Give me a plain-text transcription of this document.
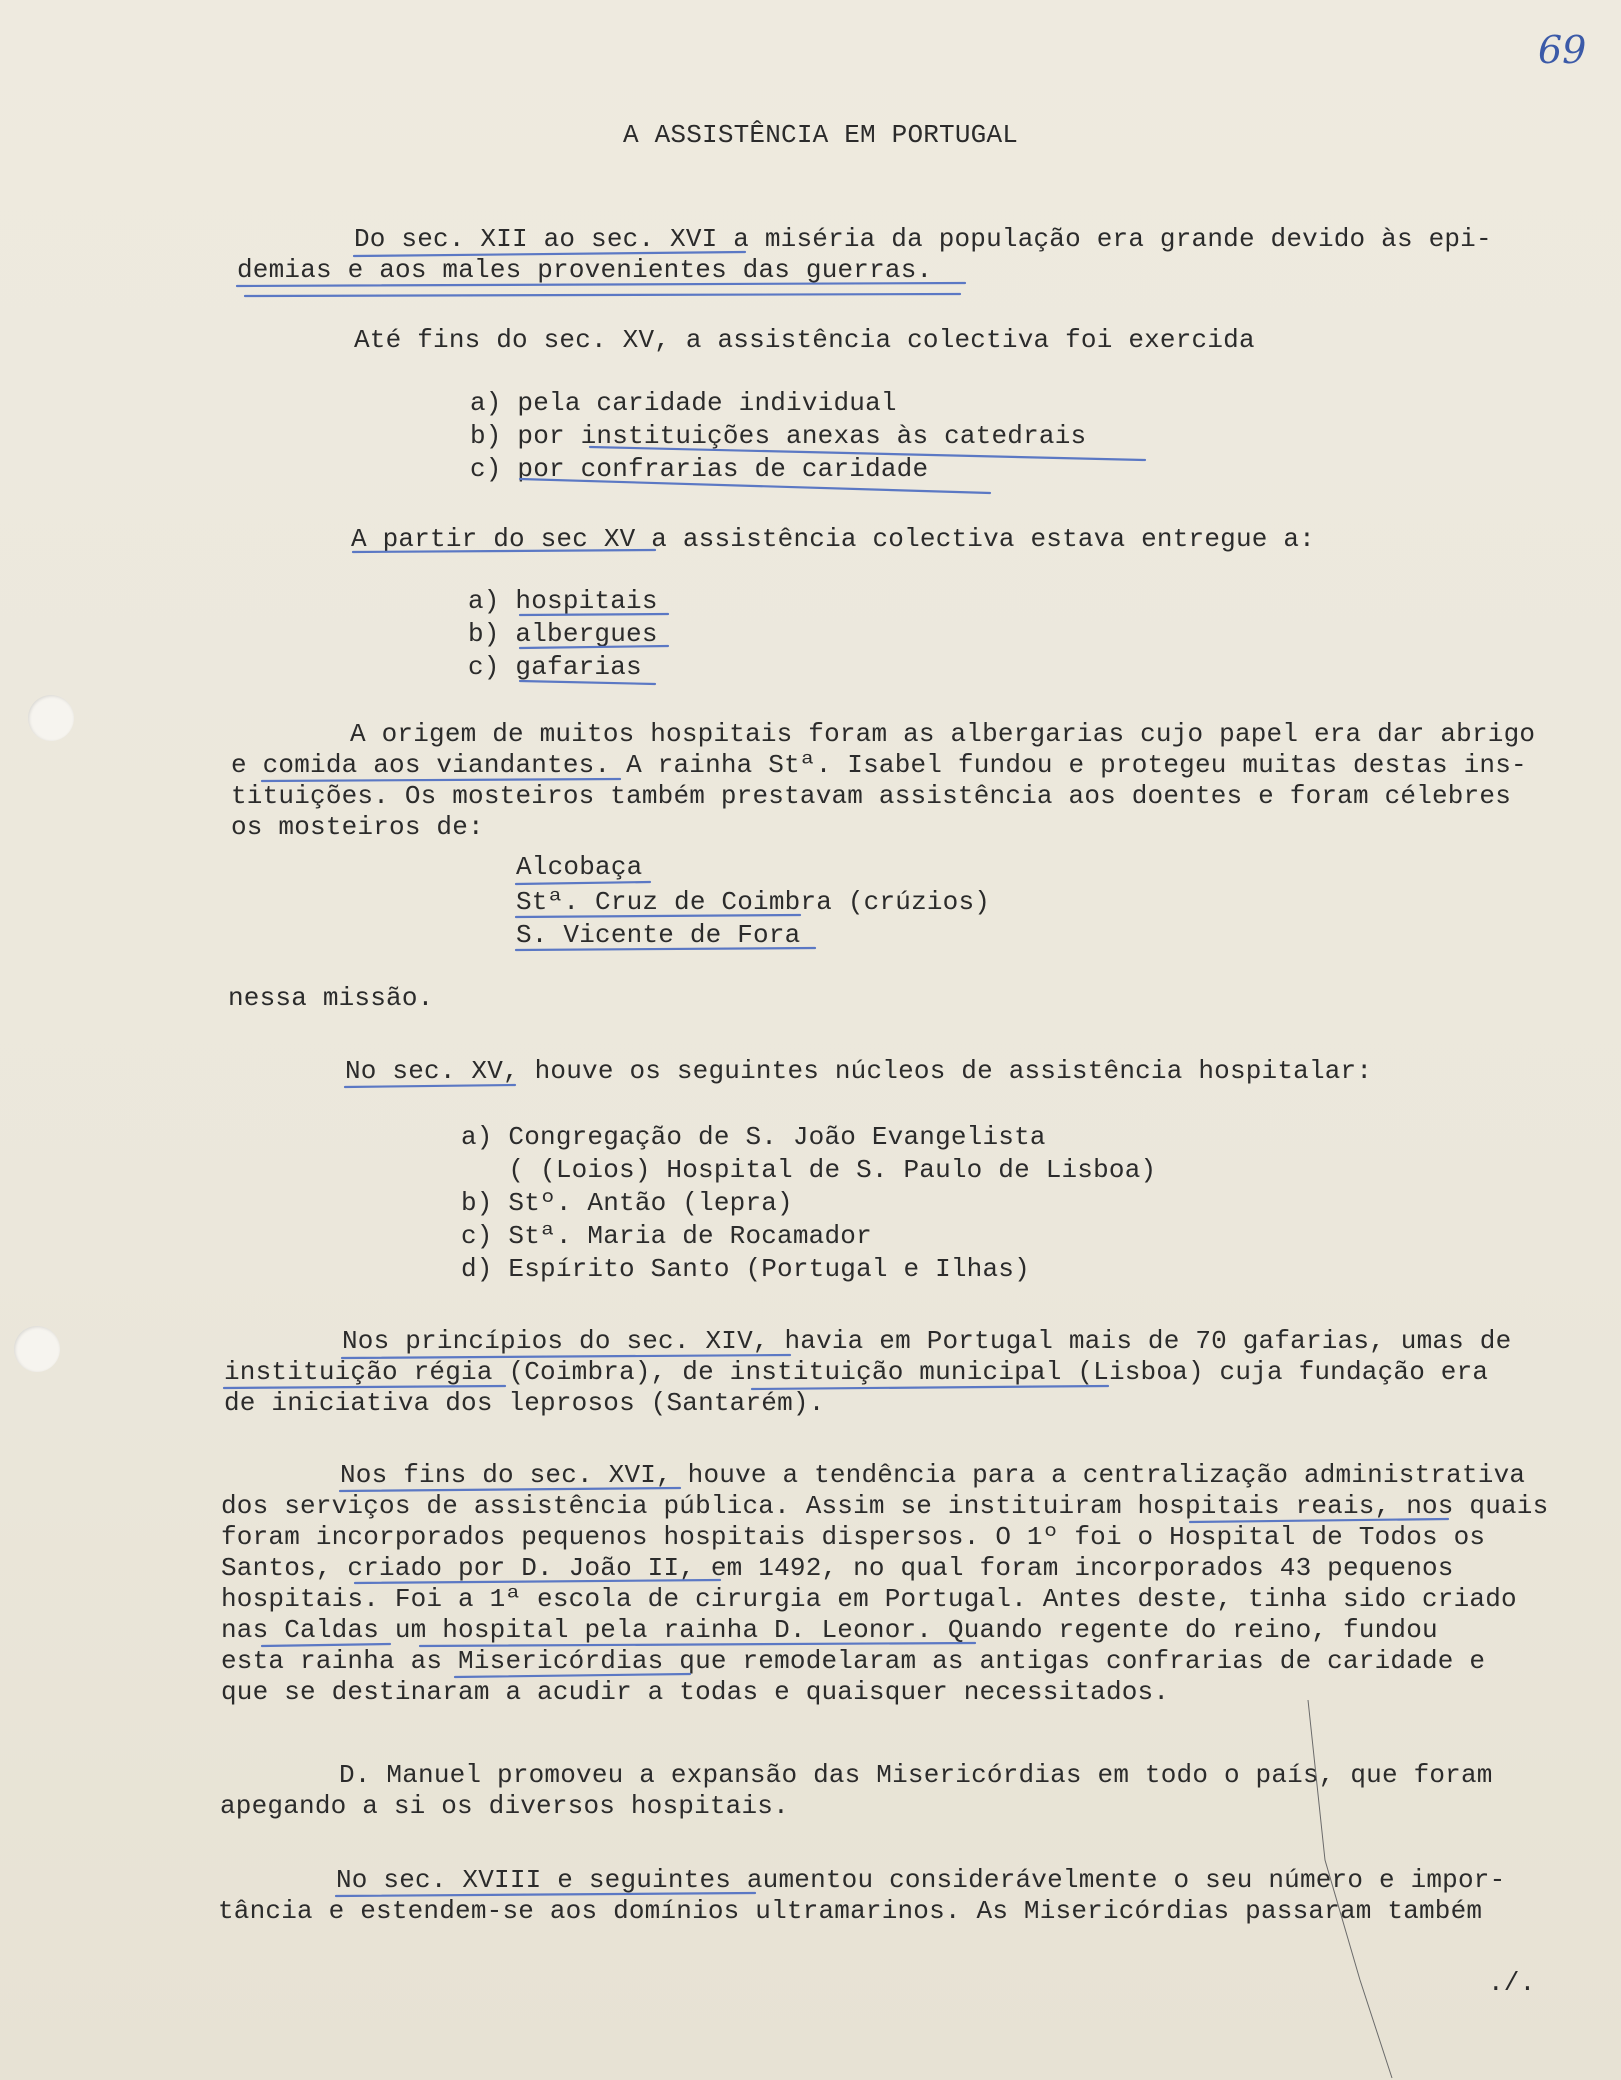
69
A ASSISTÊNCIA EM PORTUGAL
Do sec. XII ao sec. XVI a miséria da população era grande devido às epi-
demias e aos males provenientes das guerras.
Até fins do sec. XV, a assistência colectiva foi exercida
a) pela caridade individual
b) por instituições anexas às catedrais
c) por confrarias de caridade
A partir do sec XV a assistência colectiva estava entregue a:
a) hospitais
b) albergues
c) gafarias
A origem de muitos hospitais foram as albergarias cujo papel era dar abrigo
e comida aos viandantes. A rainha Stª. Isabel fundou e protegeu muitas destas ins-
tituições. Os mosteiros também prestavam assistência aos doentes e foram célebres
os mosteiros de:
Alcobaça
Stª. Cruz de Coimbra (crúzios)
S. Vicente de Fora
nessa missão.
No sec. XV, houve os seguintes núcleos de assistência hospitalar:
a) Congregação de S. João Evangelista
( (Loios) Hospital de S. Paulo de Lisboa)
b) Stº. Antão (lepra)
c) Stª. Maria de Rocamador
d) Espírito Santo (Portugal e Ilhas)
Nos princípios do sec. XIV, havia em Portugal mais de 70 gafarias, umas de
instituição régia (Coimbra), de instituição municipal (Lisboa) cuja fundação era
de iniciativa dos leprosos (Santarém).
Nos fins do sec. XVI, houve a tendência para a centralização administrativa
dos serviços de assistência pública. Assim se instituiram hospitais reais, nos quais
foram incorporados pequenos hospitais dispersos. O 1º foi o Hospital de Todos os
Santos, criado por D. João II, em 1492, no qual foram incorporados 43 pequenos
hospitais. Foi a 1ª escola de cirurgia em Portugal. Antes deste, tinha sido criado
nas Caldas um hospital pela rainha D. Leonor. Quando regente do reino, fundou
esta rainha as Misericórdias que remodelaram as antigas confrarias de caridade e
que se destinaram a acudir a todas e quaisquer necessitados.
D. Manuel promoveu a expansão das Misericórdias em todo o país, que foram
apegando a si os diversos hospitais.
No sec. XVIII e seguintes aumentou considerávelmente o seu número e impor-
tância e estendem-se aos domínios ultramarinos. As Misericórdias passaram também
./.
